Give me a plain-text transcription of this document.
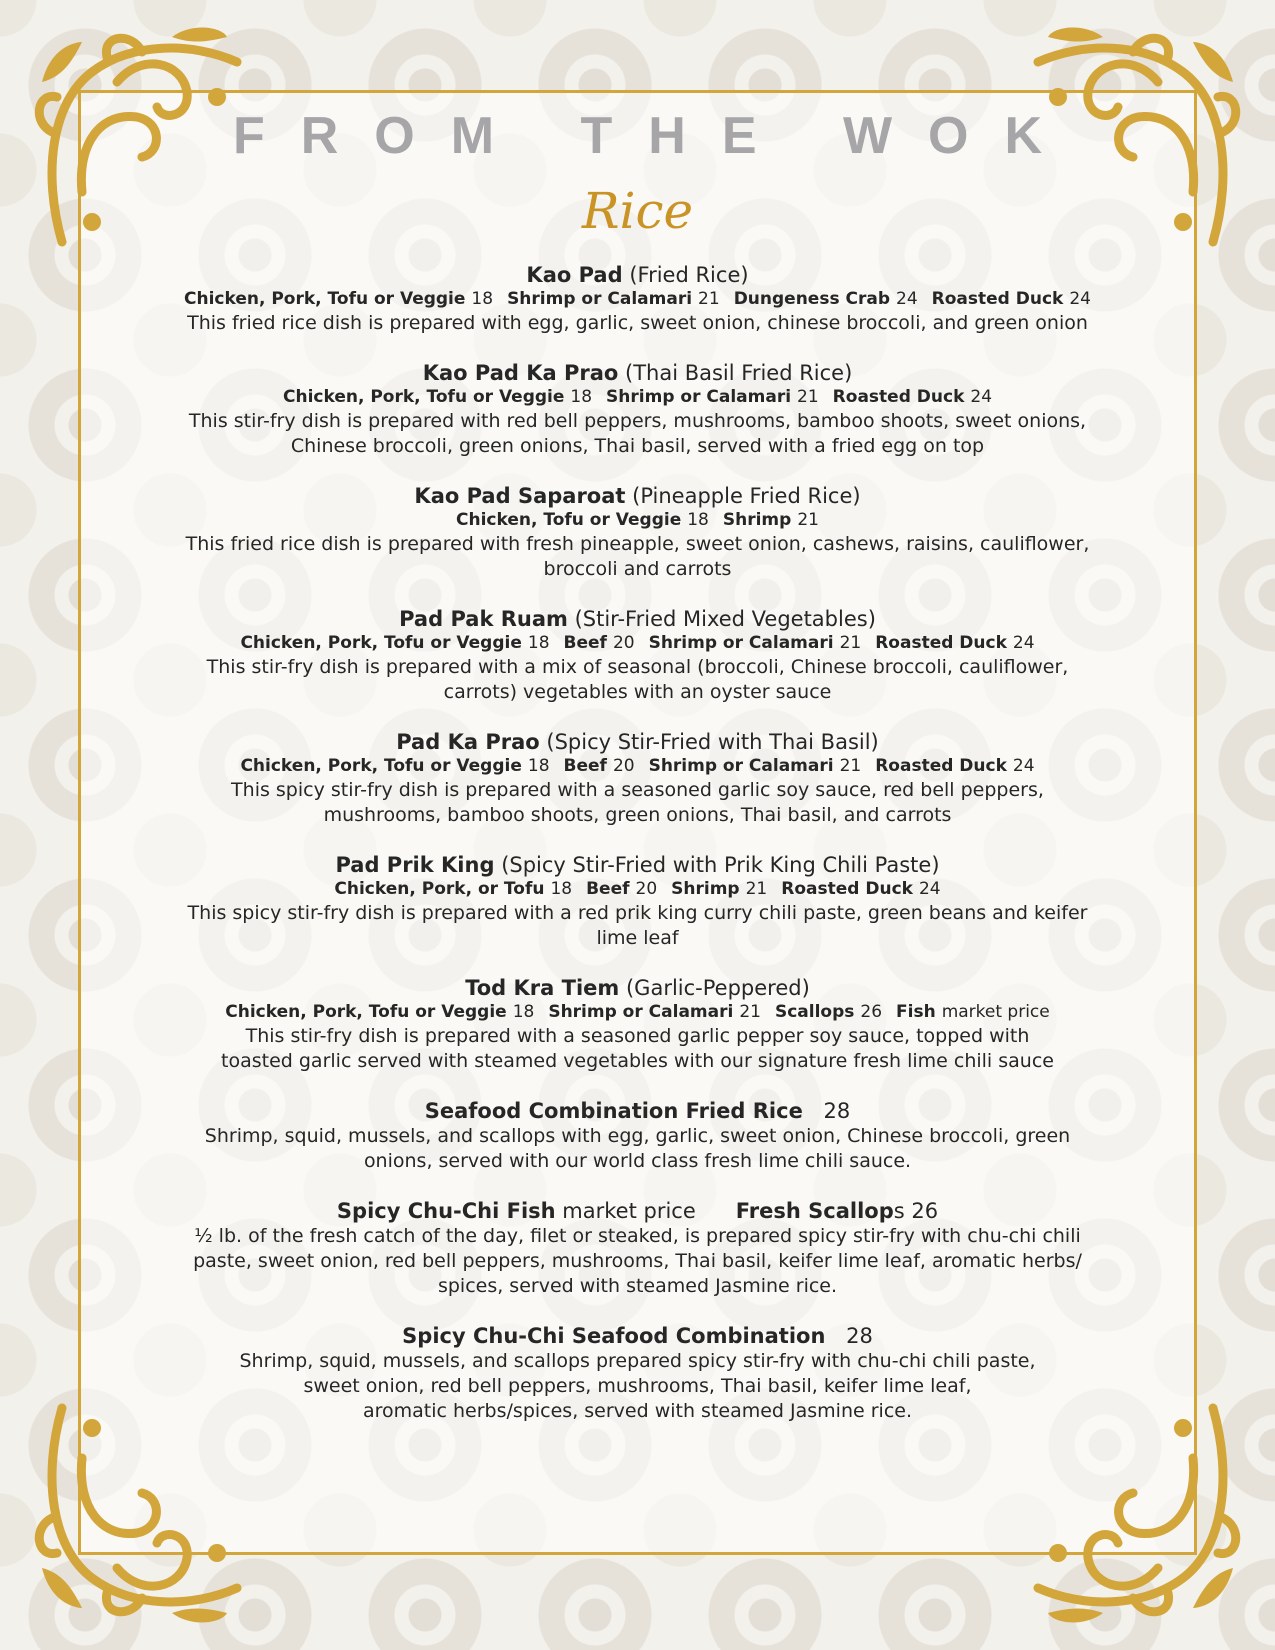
FROM THE WOK
Rice
Kao Pad (Fried Rice)
Chicken, Pork, Tofu or Veggie 18 Shrimp or Calamari 21 Dungeness Crab 24 Roasted Duck 24
This fried rice dish is prepared with egg, garlic, sweet onion, chinese broccoli, and green onion
Kao Pad Ka Prao (Thai Basil Fried Rice)
Chicken, Pork, Tofu or Veggie 18 Shrimp or Calamari 21 Roasted Duck 24
This stir-fry dish is prepared with red bell peppers, mushrooms, bamboo shoots, sweet onions,
Chinese broccoli, green onions, Thai basil, served with a fried egg on top
Kao Pad Saparoat (Pineapple Fried Rice)
Chicken, Tofu or Veggie 18 Shrimp 21
This fried rice dish is prepared with fresh pineapple, sweet onion, cashews, raisins, cauliflower,
broccoli and carrots
Pad Pak Ruam (Stir-Fried Mixed Vegetables)
Chicken, Pork, Tofu or Veggie 18 Beef 20 Shrimp or Calamari 21 Roasted Duck 24
This stir-fry dish is prepared with a mix of seasonal (broccoli, Chinese broccoli, cauliflower,
carrots) vegetables with an oyster sauce
Pad Ka Prao (Spicy Stir-Fried with Thai Basil)
Chicken, Pork, Tofu or Veggie 18 Beef 20 Shrimp or Calamari 21 Roasted Duck 24
This spicy stir-fry dish is prepared with a seasoned garlic soy sauce, red bell peppers,
mushrooms, bamboo shoots, green onions, Thai basil, and carrots
Pad Prik King (Spicy Stir-Fried with Prik King Chili Paste)
Chicken, Pork, or Tofu 18 Beef 20 Shrimp 21 Roasted Duck 24
This spicy stir-fry dish is prepared with a red prik king curry chili paste, green beans and keifer
lime leaf
Tod Kra Tiem (Garlic-Peppered)
Chicken, Pork, Tofu or Veggie 18 Shrimp or Calamari 21 Scallops 26 Fish market price
This stir-fry dish is prepared with a seasoned garlic pepper soy sauce, topped with
toasted garlic served with steamed vegetables with our signature fresh lime chili sauce
Seafood Combination Fried Rice 28
Shrimp, squid, mussels, and scallops with egg, garlic, sweet onion, Chinese broccoli, green
onions, served with our world class fresh lime chili sauce.
Spicy Chu-Chi Fish market price Fresh Scallops 26
½ lb. of the fresh catch of the day, filet or steaked, is prepared spicy stir-fry with chu-chi chili
paste, sweet onion, red bell peppers, mushrooms, Thai basil, keifer lime leaf, aromatic herbs/
spices, served with steamed Jasmine rice.
Spicy Chu-Chi Seafood Combination 28
Shrimp, squid, mussels, and scallops prepared spicy stir-fry with chu-chi chili paste,
sweet onion, red bell peppers, mushrooms, Thai basil, keifer lime leaf,
aromatic herbs/spices, served with steamed Jasmine rice.
